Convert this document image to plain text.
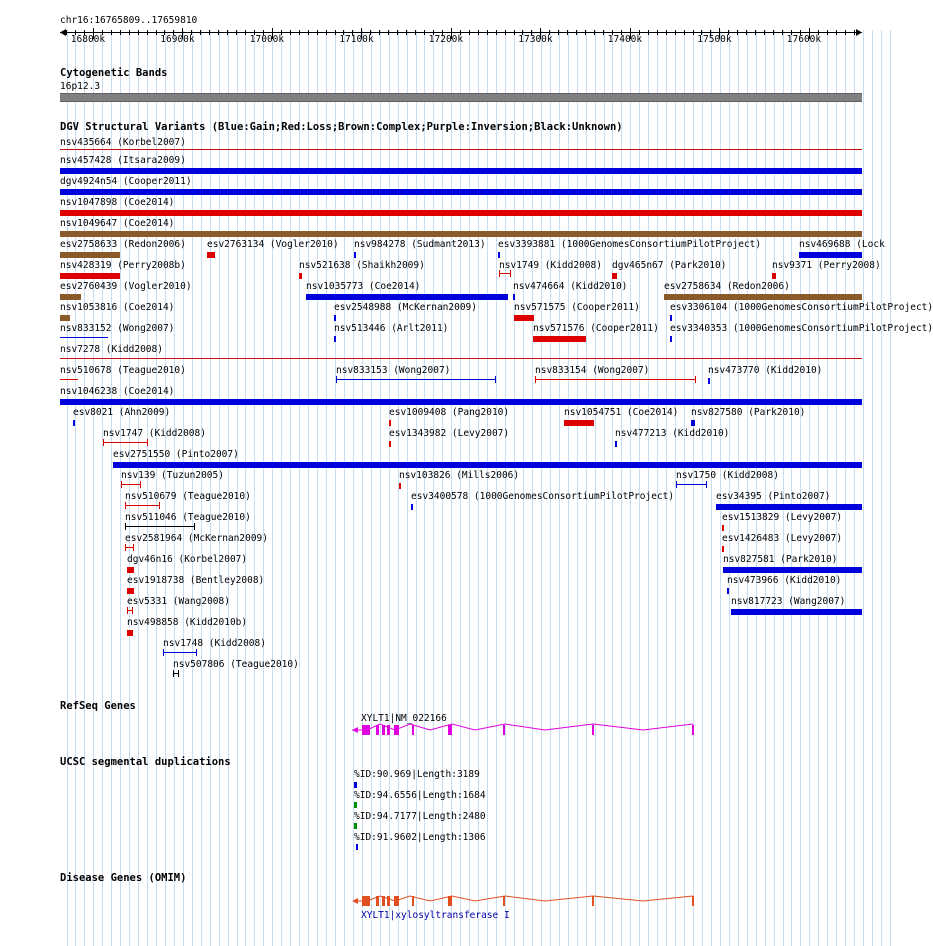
chr16:16765809..17659810
16800k	16900k	17000k	17100k	17200k	17300k	17400k	17500k	17600k
Cytogenetic Bands
16p12.3
DGV Structural Variants (Blue:Gain;Red:Loss;Brown:Complex;Purple:Inversion;Black:Unknown)
nsv435664 (Korbel2007)
nsv457428 (Itsara2009)
dgv4924n54 (Cooper2011)
nsv1047898 (Coe2014)
nsv1049647 (Coe2014)
esv2758633 (Redon2006) esv2763134 (Vogler2010) nsv984278 (Sudmant2013) esv3393881 (1000GenomesConsortiumPilotProject)	nsv469688 (Lock
nsv428319 (Perry2008b)	nsv521638 (Shaikh2009)	nsv1749 (Kidd2008) dgv465n67 (Park2010)	nsv9371 (Perry2008)
esv2760439 (Vogler2010)	nsv1035773 (Coe2014)	nsv474664 (Kidd2010)	esv2758634 (Redon2006)
nsv1053816 (Coe2014)	esv2548988 (McKernan2009)	nsv571575 (Cooper2011)	esv3306104 (1000GenomesConsortiumPilotProject)
nsv833152 (Wong2007)	nsv513446 (Arlt2011)	nsv571576 (Cooper2011) esv3340353 (1000GenomesConsortiumPilotProject)
nsv7278 (Kidd2008)
nsv510678 (Teague2010)	nsv833153 (Wong2007)	nsv833154 (Wong2007)	nsv473770 (Kidd2010)
nsv1046238 (Coe2014)
esv8021 (Ahn2009)	esv1009408 (Pang2010)	nsv1054751 (Coe2014) nsv827580 (Park2010)
nsv1747 (Kidd2008)	esv1343982 (Levy2007)	nsv477213 (Kidd2010)
esv2751550 (Pinto2007)
nsv139 (Tuzun2005)	nsv103826 (Mills2006)	nsv1750 (Kidd2008)
nsv510679 (Teague2010)	esv3400578 (1000GenomesConsortiumPilotProject)	esv34395 (Pinto2007)
nsv511046 (Teague2010)	esv1513829 (Levy2007)
esv2581964 (McKernan2009)	esv1426483 (Levy2007)
dgv46n16 (Korbel2007)	nsv827581 (Park2010)
esv1918738 (Bentley2008)	nsv473966 (Kidd2010)
esv5331 (Wang2008)	nsv817723 (Wang2007)
nsv498858 (Kidd2010b)
nsv1748 (Kidd2008)
nsv507806 (Teague2010)
RefSeq Genes
XYLT1|NM_022166
UCSC segmental duplications
%ID:90.969|Length:3189
%ID:94.6556|Length:1684
%ID:94.7177|Length:2480
%ID:91.9602|Length:1306
Disease Genes (OMIM)
XYLT1|xylosyltransferase I
